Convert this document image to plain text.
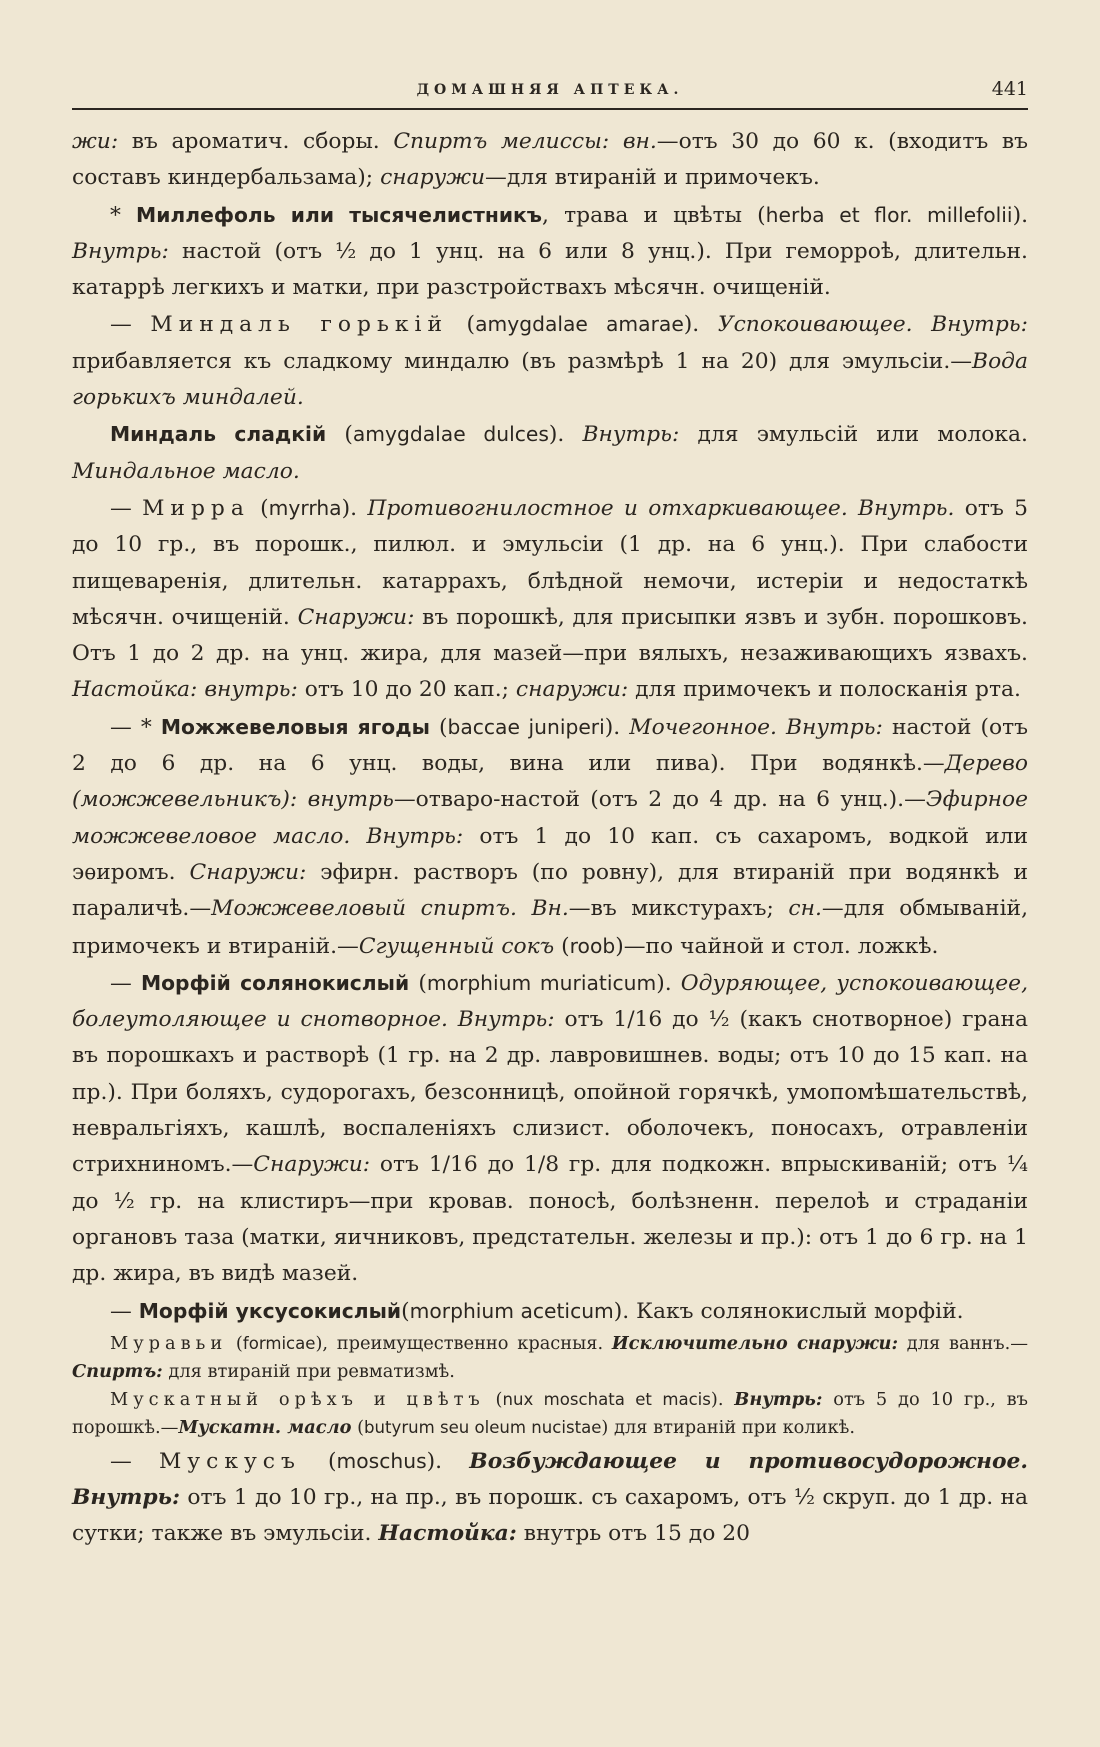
ДОМАШНЯЯ АПТЕКА.	441

жи: въ ароматич. сборы. Спиртъ мелиссы: вн.—отъ 30 до 60 к. (входитъ въ составъ киндербальзама); снаружи—для втираній и примочекъ.

* Миллефоль или тысячелистникъ, трава и цвѣты (herba et flor. millefolii). Внутрь: настой (отъ ½ до 1 унц. на 6 или 8 унц.). При геморроѣ, длительн. катаррѣ легкихъ и матки, при разстройствахъ мѣсячн. очищеній.

— Миндаль горькій (amygdalae amarae). Успокоивающее. Внутрь: прибавляется къ сладкому миндалю (въ размѣрѣ 1 на 20) для эмульсіи.—Вода горькихъ миндалей.

Миндаль сладкій (amygdalae dulces). Внутрь: для эмульсій или молока. Миндальное масло.

— Мирра (myrrha). Противогнилостное и отхаркивающее. Внутрь. отъ 5 до 10 гр., въ порошк., пилюл. и эмульсіи (1 др. на 6 унц.). При слабости пищеваренія, длительн. катаррахъ, блѣдной немочи, истеріи и недостаткѣ мѣсячн. очищеній. Снаружи: въ порошкѣ, для присыпки язвъ и зубн. порошковъ. Отъ 1 до 2 др. на унц. жира, для мазей—при вялыхъ, незаживающихъ язвахъ. Настойка: внутрь: отъ 10 до 20 кап.; снаружи: для примочекъ и полосканія рта.

— * Можжевеловыя ягоды (baccae juniperi). Мочегонное. Внутрь: настой (отъ 2 до 6 др. на 6 унц. воды, вина или пива). При водянкѣ.—Дерево (можжевельникъ): внутрь—отваро-настой (отъ 2 до 4 др. на 6 унц.).—Эфирное можжевеловое масло. Внутрь: отъ 1 до 10 кап. съ сахаромъ, водкой или эѳиромъ. Снаружи: эфирн. растворъ (по ровну), для втираній при водянкѣ и параличѣ.—Можжевеловый спиртъ. Вн.—въ микстурахъ; сн.—для обмываній, примочекъ и втираній.—Сгущенный сокъ (roob)—по чайной и стол. ложкѣ.

— Морфій солянокислый (morphium muriaticum). Одуряющее, успокоивающее, болеутоляющее и снотворное. Внутрь: отъ 1/16 до ½ (какъ снотворное) грана въ порошкахъ и растворѣ (1 гр. на 2 др. лавровишнев. воды; отъ 10 до 15 кап. на пр.). При боляхъ, судорогахъ, безсонницѣ, опойной горячкѣ, умопомѣшательствѣ, невральгіяхъ, кашлѣ, воспаленіяхъ слизист. оболочекъ, поносахъ, отравленіи стрихниномъ.—Снаружи: отъ 1/16 до 1/8 гр. для подкожн. впрыскиваній; отъ ¼ до ½ гр. на клистиръ—при кровав. поносѣ, болѣзненн. перелоѣ и страданіи органовъ таза (матки, яичниковъ, предстательн. железы и пр.): отъ 1 до 6 гр. на 1 др. жира, въ видѣ мазей.

— Морфій уксусокислый(morphium aceticum). Какъ солянокислый морфій.

Муравьи (formicae), преимущественно красныя. Исключительно снаружи: для ваннъ.— Спиртъ: для втираній при ревматизмѣ.

Мускатный орѣхъ и цвѣтъ (nux moschata et macis). Внутрь: отъ 5 до 10 гр., въ порошкѣ.—Мускатн. масло (butyrum seu oleum nucistae) для втираній при коликѣ.

— Мускусъ (moschus). Возбуждающее и противосудорожное. Внутрь: отъ 1 до 10 гр., на пр., въ порошк. съ сахаромъ, отъ ½ скруп. до 1 др. на сутки; также въ эмульсіи. Настойка: внутрь отъ 15 до 20
